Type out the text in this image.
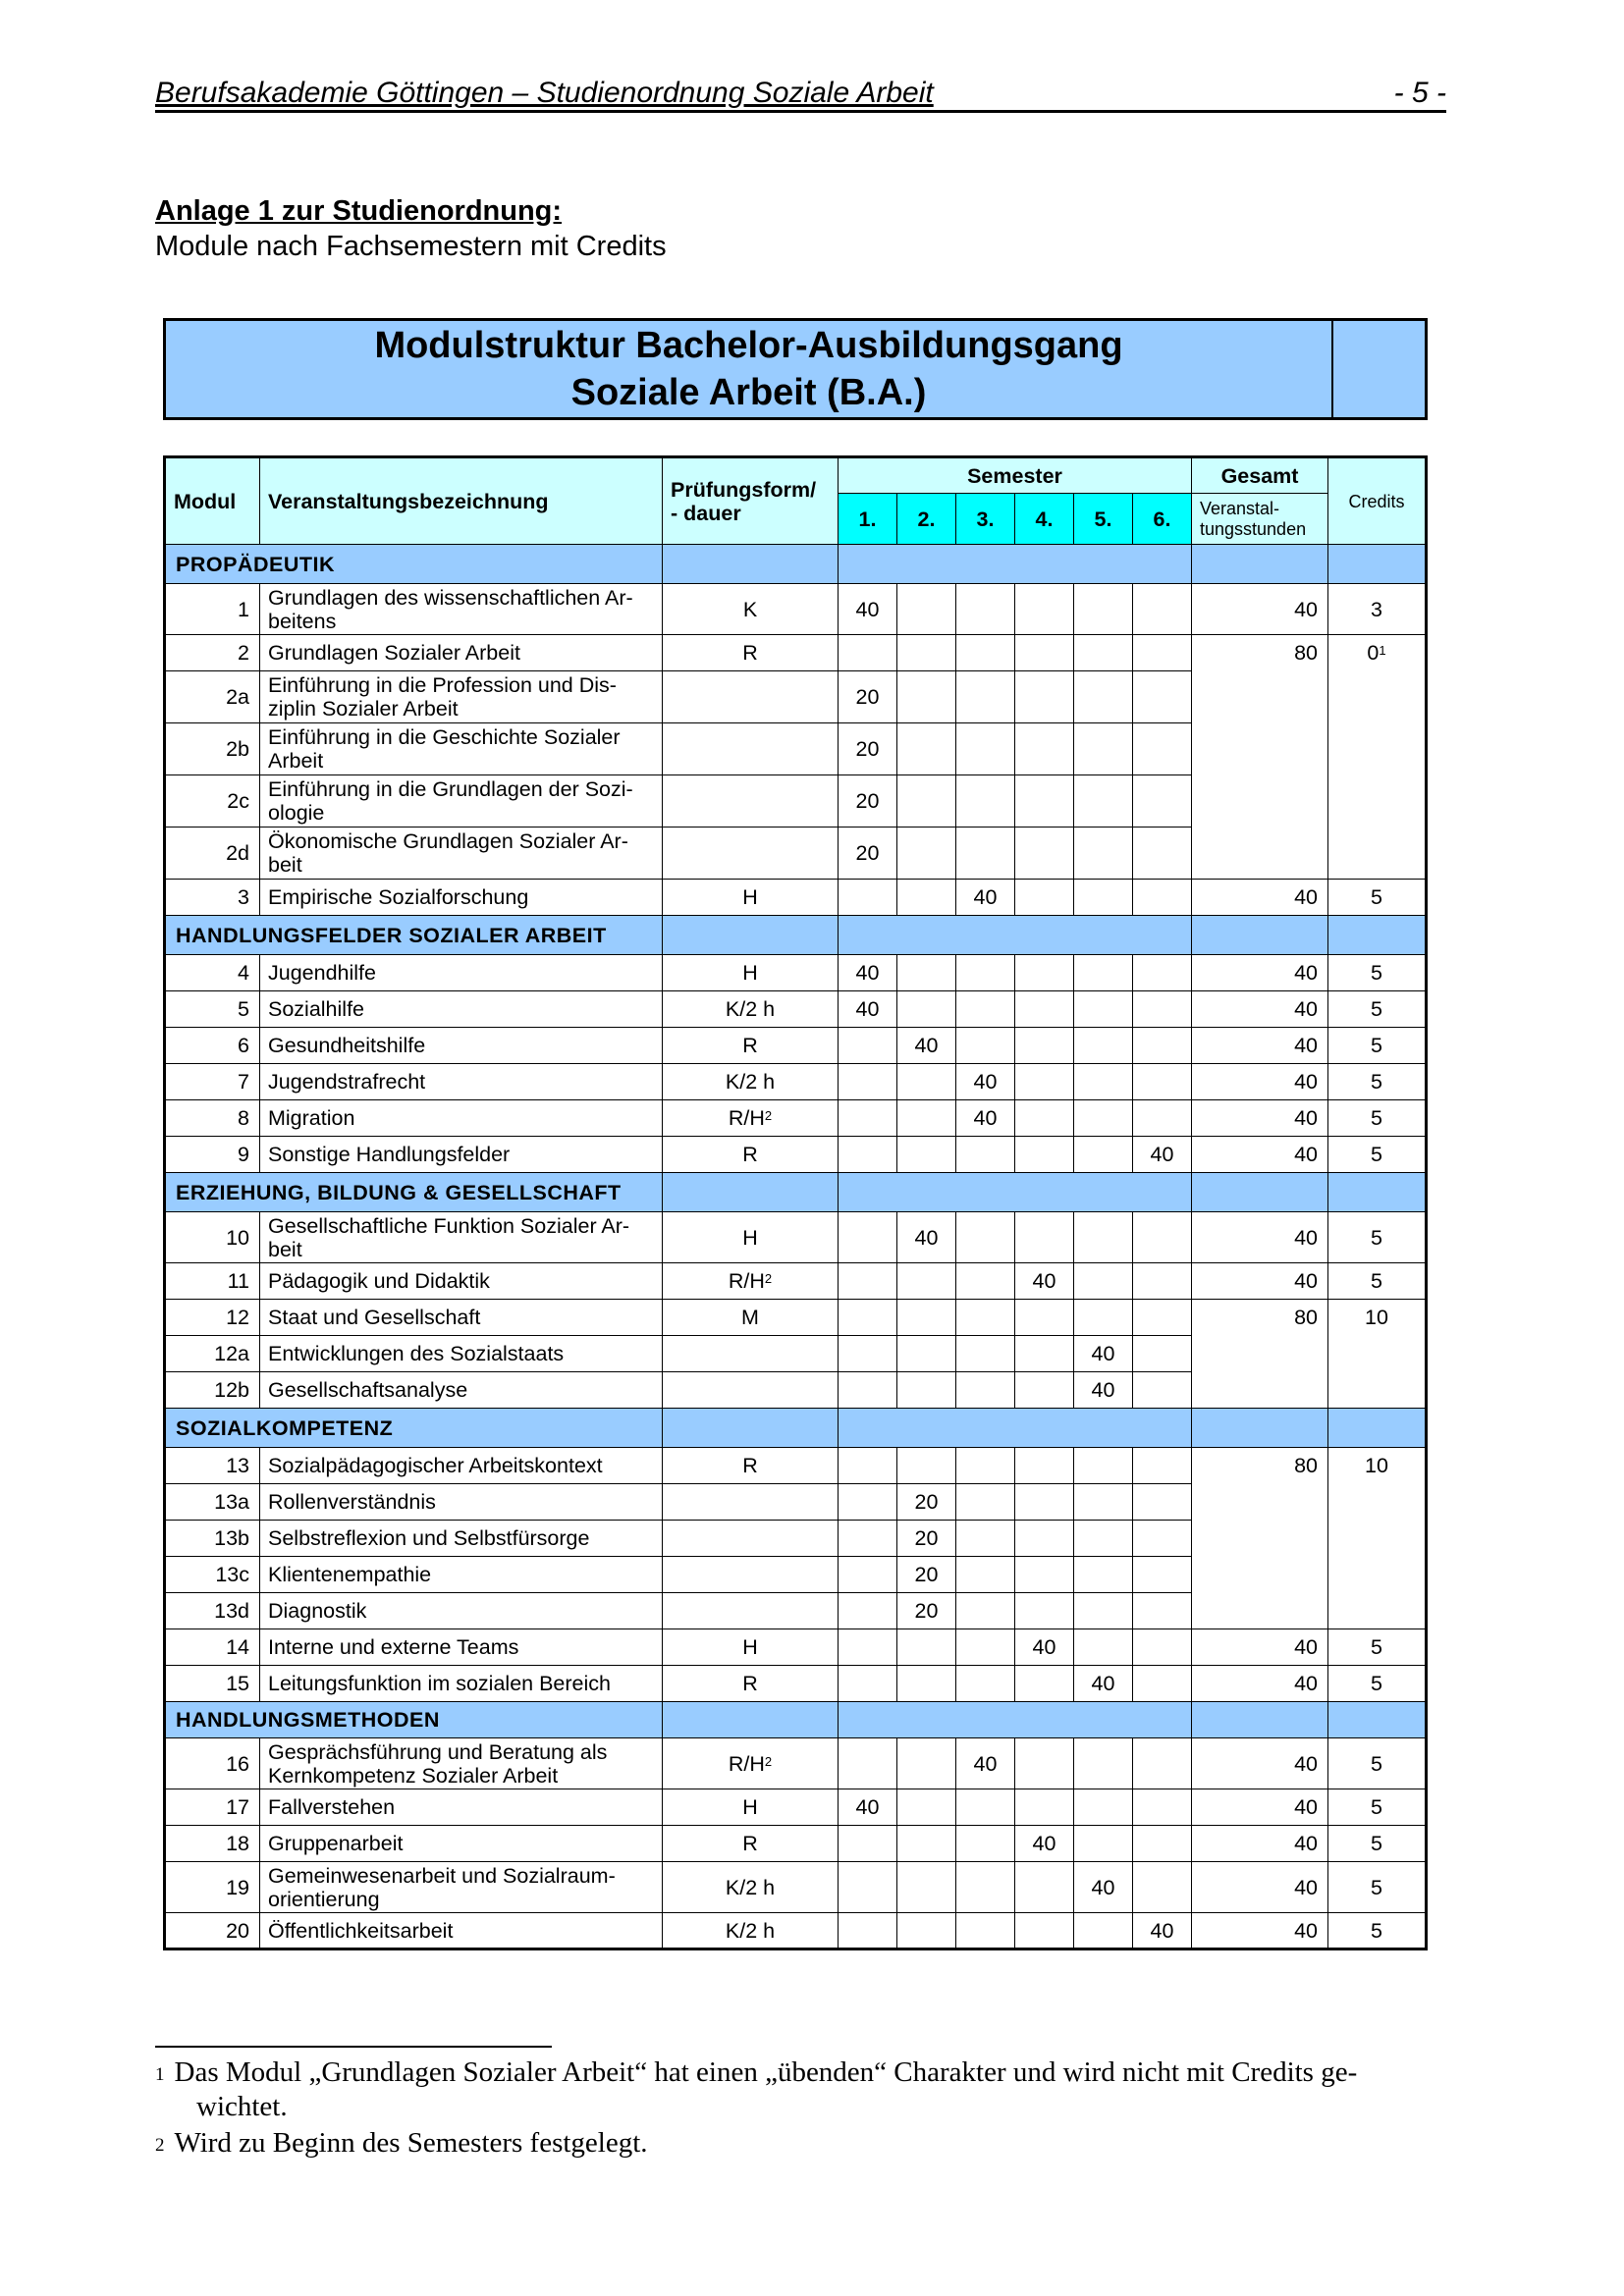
Berufsakademie Göttingen – Studienordnung Soziale Arbeit	- 5 -
Anlage 1 zur Studienordnung:
Module nach Fachsemestern mit Credits
Modulstruktur Bachelor-Ausbildungsgang
Soziale Arbeit (B.A.)
Modul	Veranstaltungsbezeichnung	Prüfungsform/
- dauer	Semester						Gesamt	Credits
			1.	2.	3.	4.	5.	6.	Veranstal-
tungsstunden	

PROPÄDEUTIK										
1	Grundlagen des wissenschaftlichen Ar-
beitens	K	40						40	3
2	Grundlagen Sozialer Arbeit	R							80	$0^1$
2a	Einführung in die Profession und Dis-
ziplin Sozialer Arbeit		20							
2b	Einführung in die Geschichte Sozialer
Arbeit		20							
2c	Einführung in die Grundlagen der Sozi-
ologie		20							
2d	Ökonomische Grundlagen Sozialer Ar-
beit		20							
3	Empirische Sozialforschung	H			40				40	5
HANDLUNGSFELDER SOZIALER ARBEIT										
4	Jugendhilfe	H	40						40	5
5	Sozialhilfe	K/2 h	40						40	5
6	Gesundheitshilfe	R		40					40	5
7	Jugendstrafrecht	K/2 h			40				40	5
8	Migration	$R/H^2$			40				40	5
9	Sonstige Handlungsfelder	R						40	40	5
ERZIEHUNG, BILDUNG & GESELLSCHAFT										
10	Gesellschaftliche Funktion Sozialer Ar-
beit	H		40					40	5
11	Pädagogik und Didaktik	$R/H^2$				40			40	5
12	Staat und Gesellschaft	M							80	10
12a	Entwicklungen des Sozialstaats						40			
12b	Gesellschaftsanalyse						40			
SOZIALKOMPETENZ										
13	Sozialpädagogischer Arbeitskontext	R							80	10
13a	Rollenverständnis			20						
13b	Selbstreflexion und Selbstfürsorge			20						
13c	Klientenempathie			20						
13d	Diagnostik			20						
14	Interne und externe Teams	H				40			40	5
15	Leitungsfunktion im sozialen Bereich	R					40		40	5
HANDLUNGSMETHODEN										
16	Gesprächsführung und Beratung als
Kernkompetenz Sozialer Arbeit	$R/H^2$			40				40	5
17	Fallverstehen	H	40						40	5
18	Gruppenarbeit	R				40			40	5
19	Gemeinwesenarbeit und Sozialraum-
orientierung	K/2 h					40		40	5
20	Öffentlichkeitsarbeit	K/2 h						40	40	5
$^1$ Das Modul „Grundlagen Sozialer Arbeit“ hat einen „übenden“ Charakter und wird nicht mit Credits ge-
wichtet.
$^2$ Wird zu Beginn des Semesters festgelegt.
